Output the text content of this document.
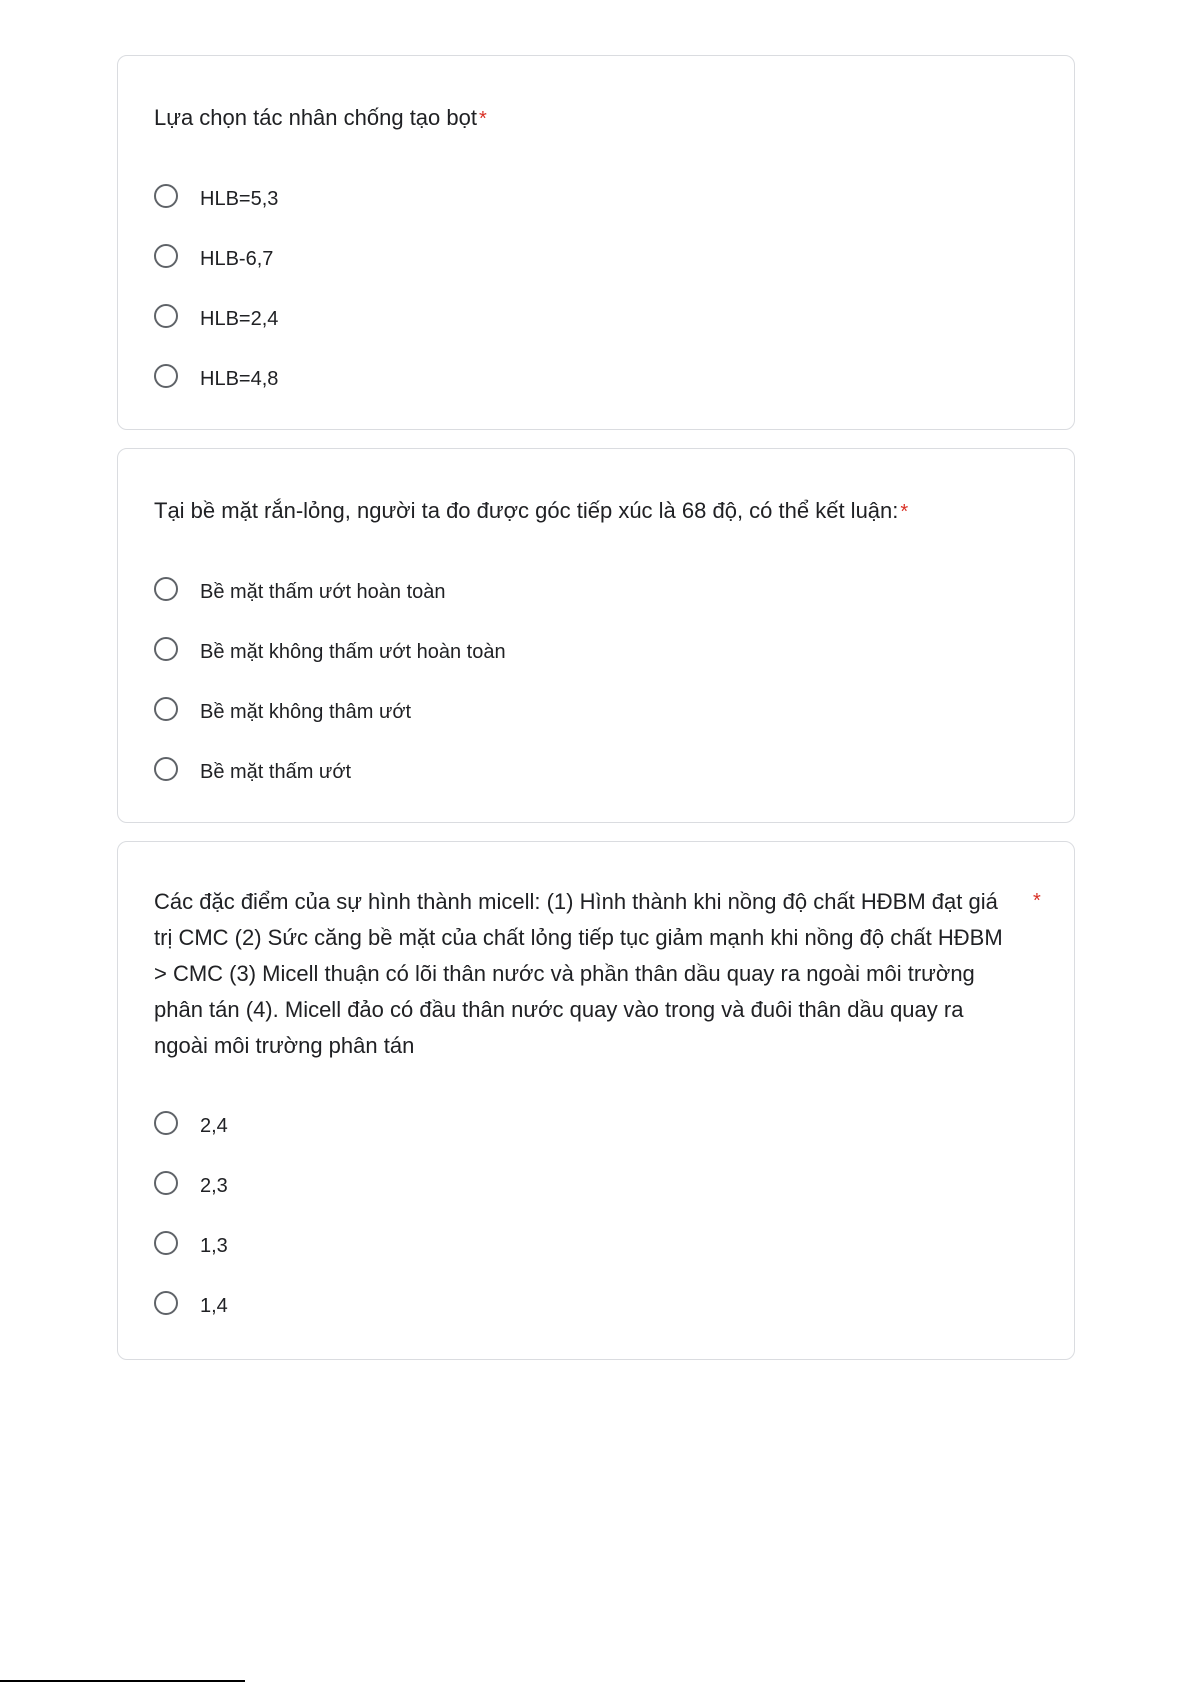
Lựa chọn tác nhân chống tạo bọt *
HLB=5,3
HLB-6,7
HLB=2,4
HLB=4,8
Tại bề mặt rắn-lỏng, người ta đo được góc tiếp xúc là 68 độ, có thể kết luận: *
Bề mặt thấm ướt hoàn toàn
Bề mặt không thấm ướt hoàn toàn
Bề mặt không thâm ướt
Bề mặt thấm ướt
Các đặc điểm của sự hình thành micell: (1) Hình thành khi nồng độ chất HĐBM đạt giá trị CMC (2) Sức căng bề mặt của chất lỏng tiếp tục giảm mạnh khi nồng độ chất HĐBM > CMC (3) Micell thuận có lõi thân nước và phần thân dầu quay ra ngoài môi trường phân tán (4). Micell đảo có đầu thân nước quay vào trong và đuôi thân dầu quay ra ngoài môi trường phân tán
*
2,4
2,3
1,3
1,4
